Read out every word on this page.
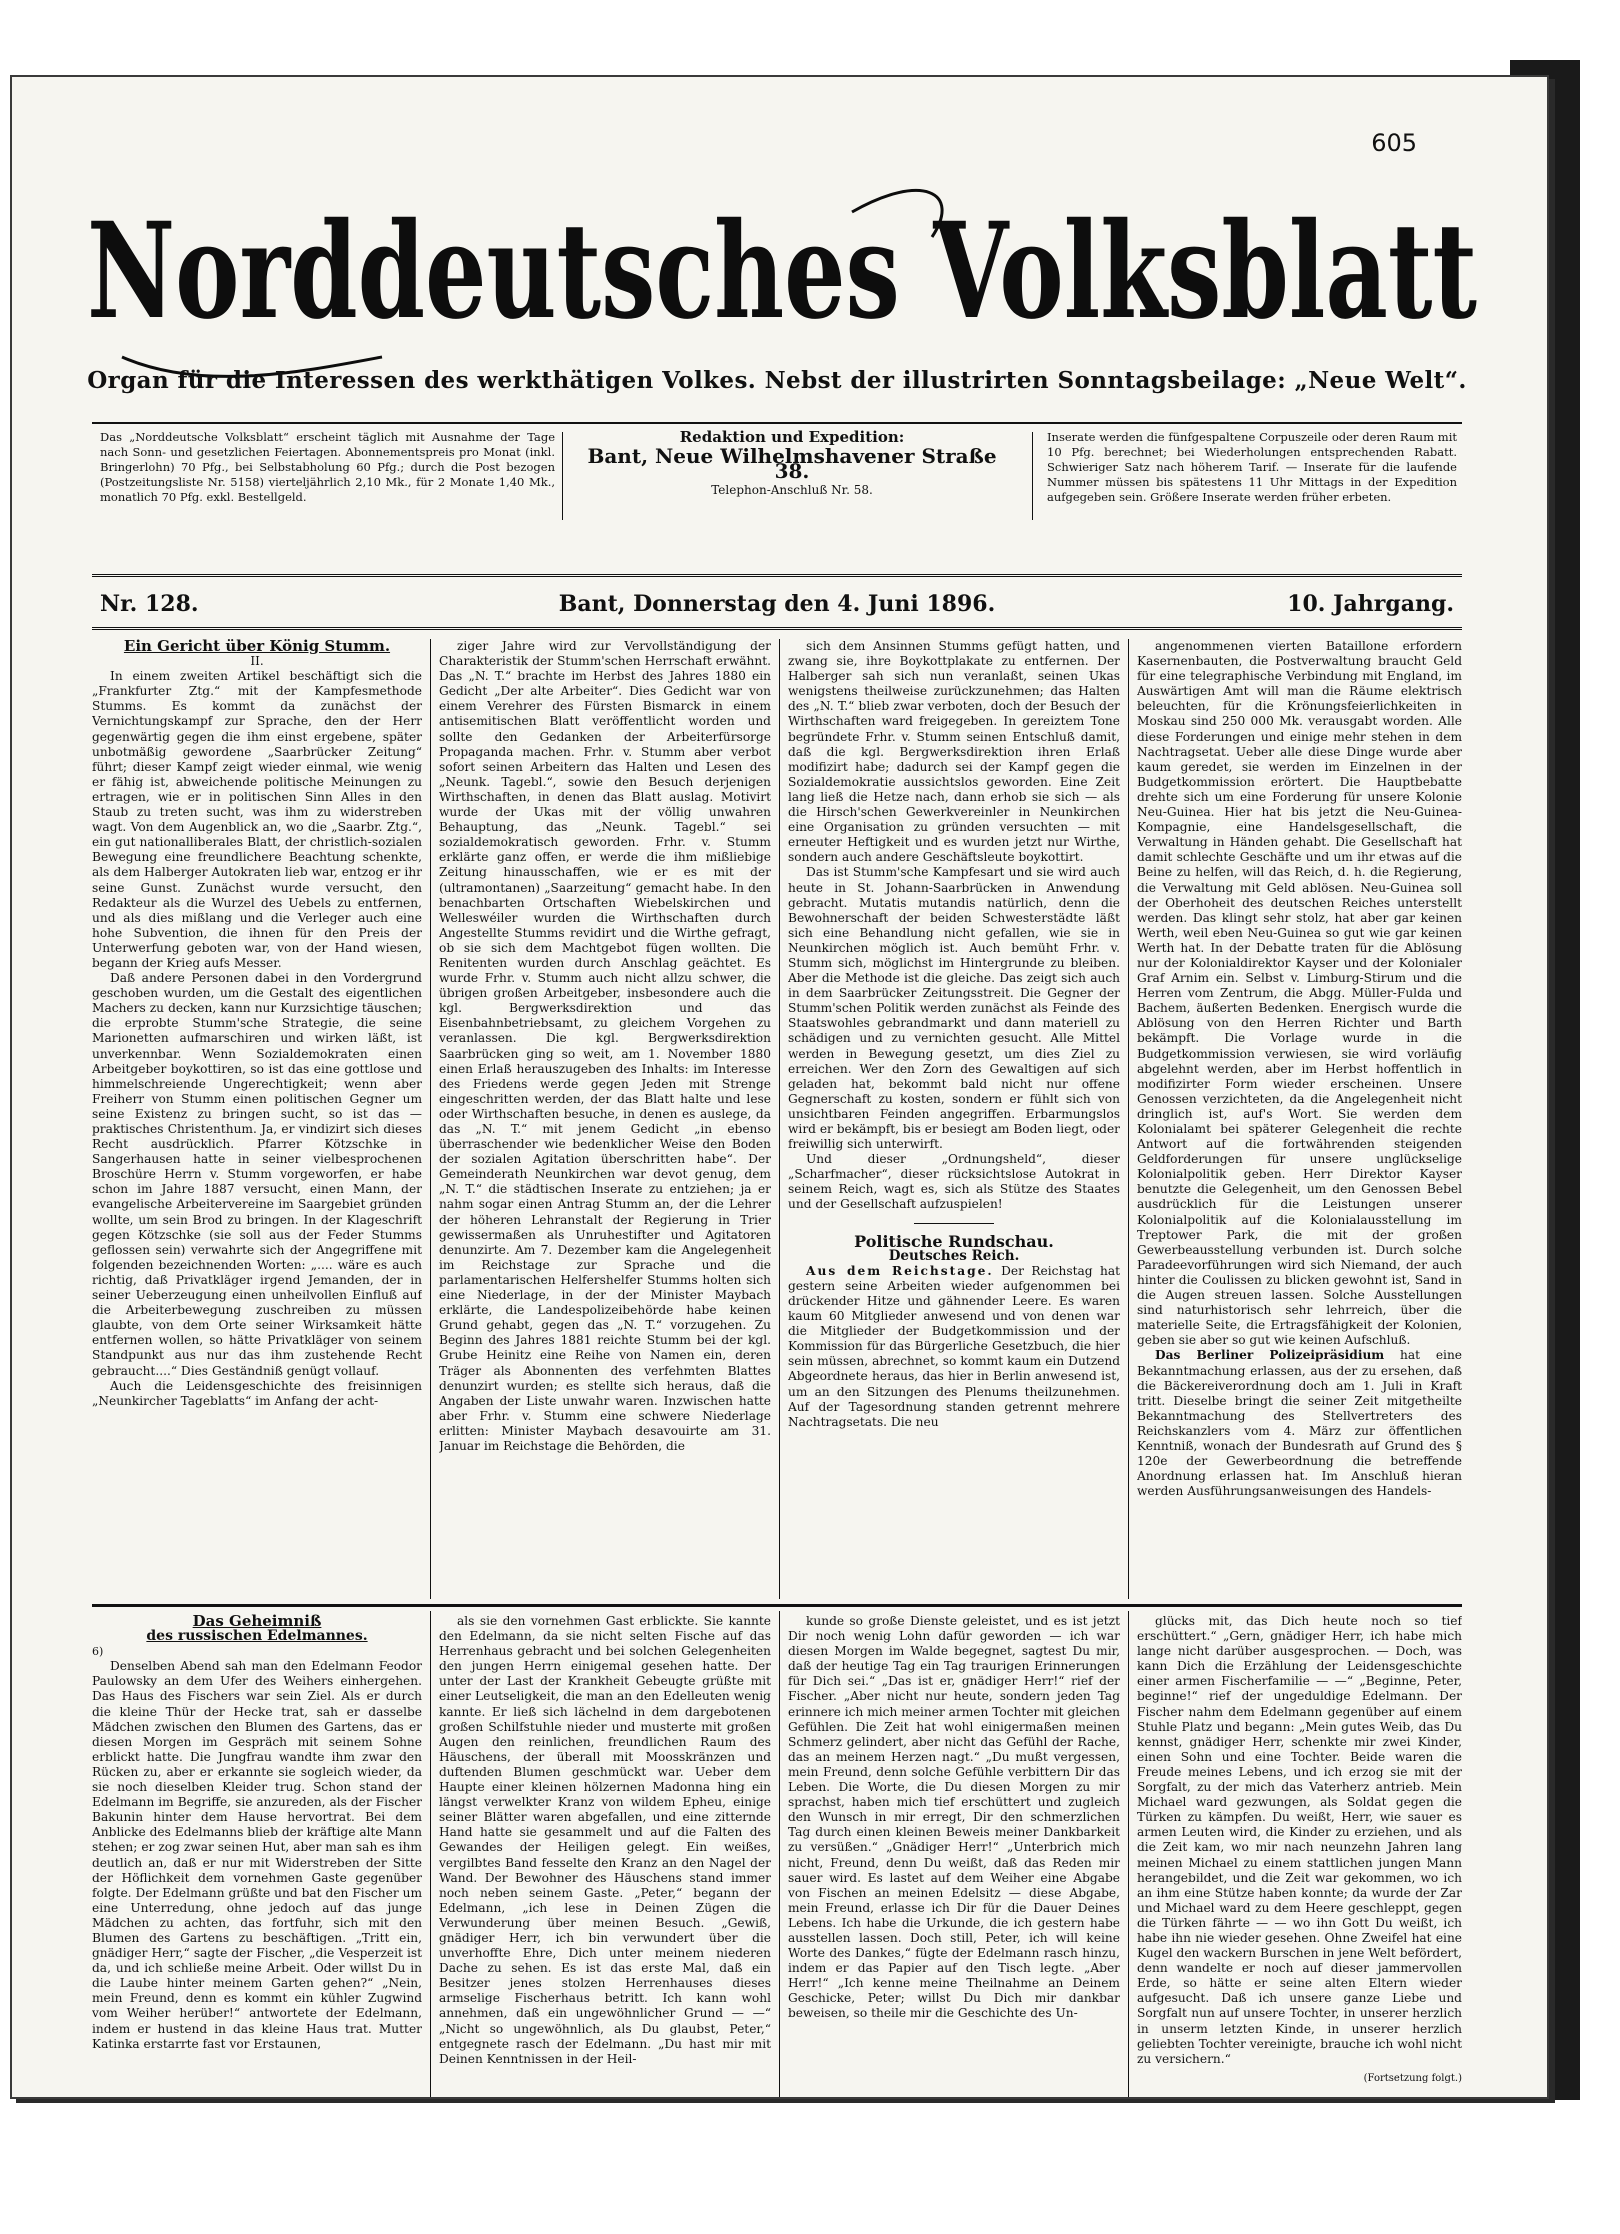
605
Norddeutsches Volksblatt
Organ für die Interessen des werkthätigen Volkes. Nebst der illustrirten Sonntagsbeilage: „Neue Welt“.
Das „Norddeutsche Volksblatt“ erscheint täglich mit Ausnahme der Tage nach Sonn- und gesetzlichen Feiertagen. Abonnementspreis pro Monat (inkl. Bringerlohn) 70 Pfg., bei Selbstabholung 60 Pfg.; durch die Post bezogen (Postzeitungsliste Nr. 5158) vierteljährlich 2,10 Mk., für 2 Monate 1,40 Mk., monatlich 70 Pfg. exkl. Bestellgeld.
Redaktion und Expedition:
Bant, Neue Wilhelmshavener Straße 38.
Telephon-Anschluß Nr. 58.
Inserate werden die fünfgespaltene Corpuszeile oder deren Raum mit 10 Pfg. berechnet; bei Wiederholungen entsprechenden Rabatt. Schwieriger Satz nach höherem Tarif. — Inserate für die laufende Nummer müssen bis spätestens 11 Uhr Mittags in der Expedition aufgegeben sein. Größere Inserate werden früher erbeten.
Bant, Donnerstag den 4. Juni 1896.
Nr. 128.	10. Jahrgang.

Ein Gericht über König Stumm.

II.

In einem zweiten Artikel beschäftigt sich die „Frankfurter Ztg.“ mit der Kampfesmethode Stumms. Es kommt da zunächst der Vernichtungskampf zur Sprache, den der Herr gegenwärtig gegen die ihm einst ergebene, später unbotmäßig gewordene „Saarbrücker Zeitung“ führt; dieser Kampf zeigt wieder einmal, wie wenig er fähig ist, abweichende politische Meinungen zu ertragen, wie er in politischen Sinn Alles in den Staub zu treten sucht, was ihm zu widerstreben wagt. Von dem Augenblick an, wo die „Saarbr. Ztg.“, ein gut nationalliberales Blatt, der christlich-sozialen Bewegung eine freundlichere Beachtung schenkte, als dem Halberger Autokraten lieb war, entzog er ihr seine Gunst. Zunächst wurde versucht, den Redakteur als die Wurzel des Uebels zu entfernen, und als dies mißlang und die Verleger auch eine hohe Subvention, die ihnen für den Preis der Unterwerfung geboten war, von der Hand wiesen, begann der Krieg aufs Messer.

Daß andere Personen dabei in den Vordergrund geschoben wurden, um die Gestalt des eigentlichen Machers zu decken, kann nur Kurzsichtige täuschen; die erprobte Stumm'sche Strategie, die seine Marionetten aufmarschiren und wirken läßt, ist unverkennbar. Wenn Sozialdemokraten einen Arbeitgeber boykottiren, so ist das eine gottlose und himmelschreiende Ungerechtigkeit; wenn aber Freiherr von Stumm einen politischen Gegner um seine Existenz zu bringen sucht, so ist das — praktisches Christenthum. Ja, er vindizirt sich dieses Recht ausdrücklich. Pfarrer Kötzschke in Sangerhausen hatte in seiner vielbesprochenen Broschüre Herrn v. Stumm vorgeworfen, er habe schon im Jahre 1887 versucht, einen Mann, der evangelische Arbeitervereine im Saargebiet gründen wollte, um sein Brod zu bringen. In der Klageschrift gegen Kötzschke (sie soll aus der Feder Stumms geflossen sein) verwahrte sich der Angegriffene mit folgenden bezeichnenden Worten: „.... wäre es auch richtig, daß Privatkläger irgend Jemanden, der in seiner Ueberzeugung einen unheilvollen Einfluß auf die Arbeiterbewegung zuschreiben zu müssen glaubte, von dem Orte seiner Wirksamkeit hätte entfernen wollen, so hätte Privatkläger von seinem Standpunkt aus nur das ihm zustehende Recht gebraucht....“ Dies Geständniß genügt vollauf.

Auch die Leidensgeschichte des freisinnigen „Neunkircher Tageblatts“ im Anfang der acht-

ziger Jahre wird zur Vervollständigung der Charakteristik der Stumm'schen Herrschaft erwähnt. Das „N. T.“ brachte im Herbst des Jahres 1880 ein Gedicht „Der alte Arbeiter“. Dies Gedicht war von einem Verehrer des Fürsten Bismarck in einem antisemitischen Blatt veröffentlicht worden und sollte den Gedanken der Arbeiterfürsorge Propaganda machen. Frhr. v. Stumm aber verbot sofort seinen Arbeitern das Halten und Lesen des „Neunk. Tagebl.“, sowie den Besuch derjenigen Wirthschaften, in denen das Blatt auslag. Motivirt wurde der Ukas mit der völlig unwahren Behauptung, das „Neunk. Tagebl.“ sei sozialdemokratisch geworden. Frhr. v. Stumm erklärte ganz offen, er werde die ihm mißliebige Zeitung hinausschaffen, wie er es mit der (ultramontanen) „Saarzeitung“ gemacht habe. In den benachbarten Ortschaften Wiebelskirchen und Welleswéiler wurden die Wirthschaften durch Angestellte Stumms revidirt und die Wirthe gefragt, ob sie sich dem Machtgebot fügen wollten. Die Renitenten wurden durch Anschlag geächtet. Es wurde Frhr. v. Stumm auch nicht allzu schwer, die übrigen großen Arbeitgeber, insbesondere auch die kgl. Bergwerksdirektion und das Eisenbahnbetriebsamt, zu gleichem Vorgehen zu veranlassen. Die kgl. Bergwerksdirektion Saarbrücken ging so weit, am 1. November 1880 einen Erlaß herauszugeben des Inhalts: im Interesse des Friedens werde gegen Jeden mit Strenge eingeschritten werden, der das Blatt halte und lese oder Wirthschaften besuche, in denen es auslege, da das „N. T.“ mit jenem Gedicht „in ebenso überraschender wie bedenklicher Weise den Boden der sozialen Agitation überschritten habe“. Der Gemeinderath Neunkirchen war devot genug, dem „N. T.“ die städtischen Inserate zu entziehen; ja er nahm sogar einen Antrag Stumm an, der die Lehrer der höheren Lehranstalt der Regierung in Trier gewissermaßen als Unruhestifter und Agitatoren denunzirte. Am 7. Dezember kam die Angelegenheit im Reichstage zur Sprache und die parlamentarischen Helfershelfer Stumms holten sich eine Niederlage, in der der Minister Maybach erklärte, die Landespolizeibehörde habe keinen Grund gehabt, gegen das „N. T.“ vorzugehen. Zu Beginn des Jahres 1881 reichte Stumm bei der kgl. Grube Heinitz eine Reihe von Namen ein, deren Träger als Abonnenten des verfehmten Blattes denunzirt wurden; es stellte sich heraus, daß die Angaben der Liste unwahr waren. Inzwischen hatte aber Frhr. v. Stumm eine schwere Niederlage erlitten: Minister Maybach desavouirte am 31. Januar im Reichstage die Behörden, die

sich dem Ansinnen Stumms gefügt hatten, und zwang sie, ihre Boykottplakate zu entfernen. Der Halberger sah sich nun veranlaßt, seinen Ukas wenigstens theilweise zurückzunehmen; das Halten des „N. T.“ blieb zwar verboten, doch der Besuch der Wirthschaften ward freigegeben. In gereiztem Tone begründete Frhr. v. Stumm seinen Entschluß damit, daß die kgl. Bergwerksdirektion ihren Erlaß modifizirt habe; dadurch sei der Kampf gegen die Sozialdemokratie aussichtslos geworden. Eine Zeit lang ließ die Hetze nach, dann erhob sie sich — als die Hirsch'schen Gewerkvereinler in Neunkirchen eine Organisation zu gründen versuchten — mit erneuter Heftigkeit und es wurden jetzt nur Wirthe, sondern auch andere Geschäftsleute boykottirt.

Das ist Stumm'sche Kampfesart und sie wird auch heute in St. Johann-Saarbrücken in Anwendung gebracht. Mutatis mutandis natürlich, denn die Bewohnerschaft der beiden Schwesterstädte läßt sich eine Behandlung nicht gefallen, wie sie in Neunkirchen möglich ist. Auch bemüht Frhr. v. Stumm sich, möglichst im Hintergrunde zu bleiben. Aber die Methode ist die gleiche. Das zeigt sich auch in dem Saarbrücker Zeitungsstreit. Die Gegner der Stumm'schen Politik werden zunächst als Feinde des Staatswohles gebrandmarkt und dann materiell zu schädigen und zu vernichten gesucht. Alle Mittel werden in Bewegung gesetzt, um dies Ziel zu erreichen. Wer den Zorn des Gewaltigen auf sich geladen hat, bekommt bald nicht nur offene Gegnerschaft zu kosten, sondern er fühlt sich von unsichtbaren Feinden angegriffen. Erbarmungslos wird er bekämpft, bis er besiegt am Boden liegt, oder freiwillig sich unterwirft.

Und dieser „Ordnungsheld“, dieser „Scharfmacher“, dieser rücksichtslose Autokrat in seinem Reich, wagt es, sich als Stütze des Staates und der Gesellschaft aufzuspielen!

Politische Rundschau.

Deutsches Reich.

Aus dem Reichstage. Der Reichstag hat gestern seine Arbeiten wieder aufgenommen bei drückender Hitze und gähnender Leere. Es waren kaum 60 Mitglieder anwesend und von denen war die Mitglieder der Budgetkommission und der Kommission für das Bürgerliche Gesetzbuch, die hier sein müssen, abrechnet, so kommt kaum ein Dutzend Abgeordnete heraus, das hier in Berlin anwesend ist, um an den Sitzungen des Plenums theilzunehmen. Auf der Tagesordnung standen getrennt mehrere Nachtragsetats. Die neu

angenommenen vierten Bataillone erfordern Kasernenbauten, die Postverwaltung braucht Geld für eine telegraphische Verbindung mit England, im Auswärtigen Amt will man die Räume elektrisch beleuchten, für die Krönungsfeierlichkeiten in Moskau sind 250 000 Mk. verausgabt worden. Alle diese Forderungen und einige mehr stehen in dem Nachtragsetat. Ueber alle diese Dinge wurde aber kaum geredet, sie werden im Einzelnen in der Budgetkommission erörtert. Die Hauptbebatte drehte sich um eine Forderung für unsere Kolonie Neu-Guinea. Hier hat bis jetzt die Neu-Guinea-Kompagnie, eine Handelsgesellschaft, die Verwaltung in Händen gehabt. Die Gesellschaft hat damit schlechte Geschäfte und um ihr etwas auf die Beine zu helfen, will das Reich, d. h. die Regierung, die Verwaltung mit Geld ablösen. Neu-Guinea soll der Oberhoheit des deutschen Reiches unterstellt werden. Das klingt sehr stolz, hat aber gar keinen Werth, weil eben Neu-Guinea so gut wie gar keinen Werth hat. In der Debatte traten für die Ablösung nur der Kolonialdirektor Kayser und der Kolonialer Graf Arnim ein. Selbst v. Limburg-Stirum und die Herren vom Zentrum, die Abgg. Müller-Fulda und Bachem, äußerten Bedenken. Energisch wurde die Ablösung von den Herren Richter und Barth bekämpft. Die Vorlage wurde in die Budgetkommission verwiesen, sie wird vorläufig abgelehnt werden, aber im Herbst hoffentlich in modifizirter Form wieder erscheinen. Unsere Genossen verzichteten, da die Angelegenheit nicht dringlich ist, auf's Wort. Sie werden dem Kolonialamt bei späterer Gelegenheit die rechte Antwort auf die fortwährenden steigenden Geldforderungen für unsere unglückselige Kolonialpolitik geben. Herr Direktor Kayser benutzte die Gelegenheit, um den Genossen Bebel ausdrücklich für die Leistungen unserer Kolonialpolitik auf die Kolonialausstellung im Treptower Park, die mit der großen Gewerbeausstellung verbunden ist. Durch solche Paradeevorführungen wird sich Niemand, der auch hinter die Coulissen zu blicken gewohnt ist, Sand in die Augen streuen lassen. Solche Ausstellungen sind naturhistorisch sehr lehrreich, über die materielle Seite, die Ertragsfähigkeit der Kolonien, geben sie aber so gut wie keinen Aufschluß.

Das Berliner Polizeipräsidium hat eine Bekanntmachung erlassen, aus der zu ersehen, daß die Bäckereiverordnung doch am 1. Juli in Kraft tritt. Dieselbe bringt die seiner Zeit mitgetheilte Bekanntmachung des Stellvertreters des Reichskanzlers vom 4. März zur öffentlichen Kenntniß, wonach der Bundesrath auf Grund des § 120e der Gewerbeordnung die betreffende Anordnung erlassen hat. Im Anschluß hieran werden Ausführungsanweisungen des Handels-

Das Geheimniß

des russischen Edelmannes.

6)

Denselben Abend sah man den Edelmann Feodor Paulowsky an dem Ufer des Weihers einhergehen. Das Haus des Fischers war sein Ziel. Als er durch die kleine Thür der Hecke trat, sah er dasselbe Mädchen zwischen den Blumen des Gartens, das er diesen Morgen im Gespräch mit seinem Sohne erblickt hatte. Die Jungfrau wandte ihm zwar den Rücken zu, aber er erkannte sie sogleich wieder, da sie noch dieselben Kleider trug. Schon stand der Edelmann im Begriffe, sie anzureden, als der Fischer Bakunin hinter dem Hause hervortrat. Bei dem Anblicke des Edelmanns blieb der kräftige alte Mann stehen; er zog zwar seinen Hut, aber man sah es ihm deutlich an, daß er nur mit Widerstreben der Sitte der Höflichkeit dem vornehmen Gaste gegenüber folgte. Der Edelmann grüßte und bat den Fischer um eine Unterredung, ohne jedoch auf das junge Mädchen zu achten, das fortfuhr, sich mit den Blumen des Gartens zu beschäftigen. „Tritt ein, gnädiger Herr,“ sagte der Fischer, „die Vesperzeit ist da, und ich schließe meine Arbeit. Oder willst Du in die Laube hinter meinem Garten gehen?“ „Nein, mein Freund, denn es kommt ein kühler Zugwind vom Weiher herüber!“ antwortete der Edelmann, indem er hustend in das kleine Haus trat. Mutter Katinka erstarrte fast vor Erstaunen,

als sie den vornehmen Gast erblickte. Sie kannte den Edelmann, da sie nicht selten Fische auf das Herrenhaus gebracht und bei solchen Gelegenheiten den jungen Herrn einigemal gesehen hatte. Der unter der Last der Krankheit Gebeugte grüßte mit einer Leutseligkeit, die man an den Edelleuten wenig kannte. Er ließ sich lächelnd in dem dargebotenen großen Schilfstuhle nieder und musterte mit großen Augen den reinlichen, freundlichen Raum des Häuschens, der überall mit Moosskränzen und duftenden Blumen geschmückt war. Ueber dem Haupte einer kleinen hölzernen Madonna hing ein längst verwelkter Kranz von wildem Epheu, einige seiner Blätter waren abgefallen, und eine zitternde Hand hatte sie gesammelt und auf die Falten des Gewandes der Heiligen gelegt. Ein weißes, vergilbtes Band fesselte den Kranz an den Nagel der Wand. Der Bewohner des Häuschens stand immer noch neben seinem Gaste. „Peter,“ begann der Edelmann, „ich lese in Deinen Zügen die Verwunderung über meinen Besuch. „Gewiß, gnädiger Herr, ich bin verwundert über die unverhoffte Ehre, Dich unter meinem niederen Dache zu sehen. Es ist das erste Mal, daß ein Besitzer jenes stolzen Herrenhauses dieses armselige Fischerhaus betritt. Ich kann wohl annehmen, daß ein ungewöhnlicher Grund — —“ „Nicht so ungewöhnlich, als Du glaubst, Peter,“ entgegnete rasch der Edelmann. „Du hast mir mit Deinen Kenntnissen in der Heil-

kunde so große Dienste geleistet, und es ist jetzt Dir noch wenig Lohn dafür geworden — ich war diesen Morgen im Walde begegnet, sagtest Du mir, daß der heutige Tag ein Tag traurigen Erinnerungen für Dich sei.“ „Das ist er, gnädiger Herr!“ rief der Fischer. „Aber nicht nur heute, sondern jeden Tag erinnere ich mich meiner armen Tochter mit gleichen Gefühlen. Die Zeit hat wohl einigermaßen meinen Schmerz gelindert, aber nicht das Gefühl der Rache, das an meinem Herzen nagt.“ „Du mußt vergessen, mein Freund, denn solche Gefühle verbittern Dir das Leben. Die Worte, die Du diesen Morgen zu mir sprachst, haben mich tief erschüttert und zugleich den Wunsch in mir erregt, Dir den schmerzlichen Tag durch einen kleinen Beweis meiner Dankbarkeit zu versüßen.“ „Gnädiger Herr!“ „Unterbrich mich nicht, Freund, denn Du weißt, daß das Reden mir sauer wird. Es lastet auf dem Weiher eine Abgabe von Fischen an meinen Edelsitz — diese Abgabe, mein Freund, erlasse ich Dir für die Dauer Deines Lebens. Ich habe die Urkunde, die ich gestern habe ausstellen lassen. Doch still, Peter, ich will keine Worte des Dankes,“ fügte der Edelmann rasch hinzu, indem er das Papier auf den Tisch legte. „Aber Herr!“ „Ich kenne meine Theilnahme an Deinem Geschicke, Peter; willst Du Dich mir dankbar beweisen, so theile mir die Geschichte des Un-

glücks mit, das Dich heute noch so tief erschüttert.“ „Gern, gnädiger Herr, ich habe mich lange nicht darüber ausgesprochen. — Doch, was kann Dich die Erzählung der Leidensgeschichte einer armen Fischerfamilie — —“ „Beginne, Peter, beginne!“ rief der ungeduldige Edelmann. Der Fischer nahm dem Edelmann gegenüber auf einem Stuhle Platz und begann: „Mein gutes Weib, das Du kennst, gnädiger Herr, schenkte mir zwei Kinder, einen Sohn und eine Tochter. Beide waren die Freude meines Lebens, und ich erzog sie mit der Sorgfalt, zu der mich das Vaterherz antrieb. Mein Michael ward gezwungen, als Soldat gegen die Türken zu kämpfen. Du weißt, Herr, wie sauer es armen Leuten wird, die Kinder zu erziehen, und als die Zeit kam, wo mir nach neunzehn Jahren lang meinen Michael zu einem stattlichen jungen Mann herangebildet, und die Zeit war gekommen, wo ich an ihm eine Stütze haben konnte; da wurde der Zar und Michael ward zu dem Heere geschleppt, gegen die Türken fährte — — wo ihn Gott Du weißt, ich habe ihn nie wieder gesehen. Ohne Zweifel hat eine Kugel den wackern Burschen in jene Welt befördert, denn wandelte er noch auf dieser jammervollen Erde, so hätte er seine alten Eltern wieder aufgesucht. Daß ich unsere ganze Liebe und Sorgfalt nun auf unsere Tochter, in unserer herzlich in unserm letzten Kinde, in unserer herzlich geliebten Tochter vereinigte, brauche ich wohl nicht zu versichern.“

(Fortsetzung folgt.)
